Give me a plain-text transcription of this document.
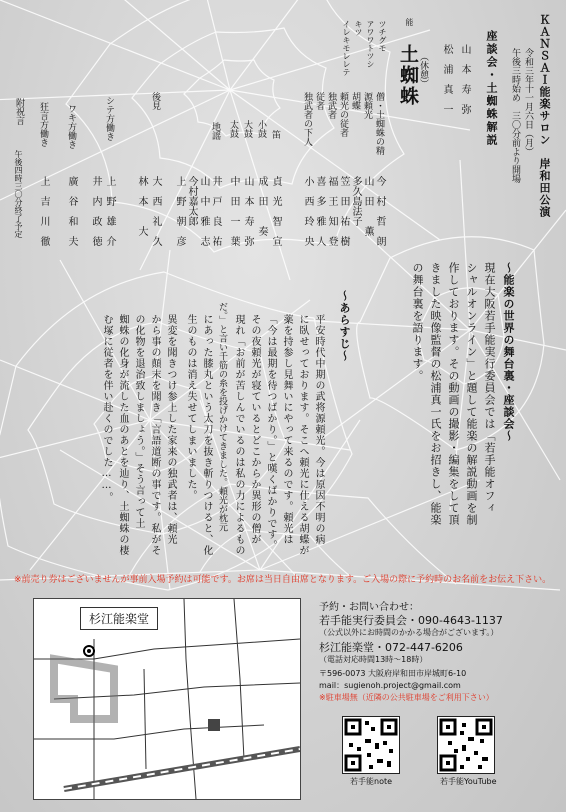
ＫＡＮＳＡＩ能楽サロン　岸和田公演
令和三年十一月六日（月）
午後三時始め　三〇分前より開場
座談会・土蜘蛛解説
山　本　寿　弥
松　浦　真　一
（休憩）
能
土蜘蛛
ツチグモ
アワワトツシ
キツ
イレキモレレテ
僧・土蜘蛛の精
今　村　哲　朗
源頼光
山　田　　薫
胡蝶
多久島法子
頼光の従者
笠　田　祐　樹
独武者
福　王　知　登
従者
喜　多　雅　人
独武者の下人
小　西　玲　央
笛
貞　光　智　宣
小鼓
成　田　　奏
大鼓
山　本　寿　弥
太鼓
中　田　一　葉
地謡
井　戸　良　祐
山　中　雅　志
今村嘉太郎
上　野　朝　彦
後見
大　西　礼　久
林　本　　大
シテ方働き
上　野　雄　介
井　内　政　徳
ワキ方働き
廣　谷　和　夫
狂言方働き
上　吉　川　徹
附祝言
午後四時三〇分終了予定
〜能楽の世界の舞台裏・座談会〜
現在大阪若手能実行委員会では「若手能オフィ
シャルオンライン」と題して能楽の解説動画を制
作しております。その動画の撮影・編集をして頂
きました映像監督の松浦真一氏をお招きし、能楽
の舞台裏を語ります。
〜あらすじ〜
平安時代中期の武将源頼光。今は原因不明の病
に臥せっております。そこへ頼光に仕える胡蝶が
薬を持参し見舞いにやって来るのです。頼光は
「今は最期を待つばかり。」と嘆くばかりです。
その夜頼光が寝ているとどこからか異形の僧が
現れ「お前が苦しんでいるのは私の力によるもの
だ。」と言い千筋の糸を投げかけてきました。頼光が枕元
にあった膝丸という太刀を抜き斬りつけると、化
生のものは消え失せてしまいました。
異変を聞きつけ参上した家来の独武者は、頼光
から事の顛末を聞き「言語道断の事です。私がそ
の化物を退治致しましょう。」そう言って土
蜘蛛の化身が流した血のあとを辿り、土蜘蛛の棲
む塚に従者を伴い赴くのでした……。
※前売り券はございませんが事前入場予約は可能です。お席は当日自由席となります。ご入場の際に予約時のお名前をお伝え下さい。
杉江能楽堂
予約・お問い合わせ：
若手能実行委員会・090-4643-1137
（公式以外にお時間のかかる場合がございます。）
杉江能楽堂・072-447-6206
（電話対応時間13時〜18時）
〒596-0073 大阪府岸和田市岸城町6-10
mail：sugienoh.project@gmail.com
※駐車場無（近隣の公共駐車場をご利用下さい）
若手能note	若手能YouTube
